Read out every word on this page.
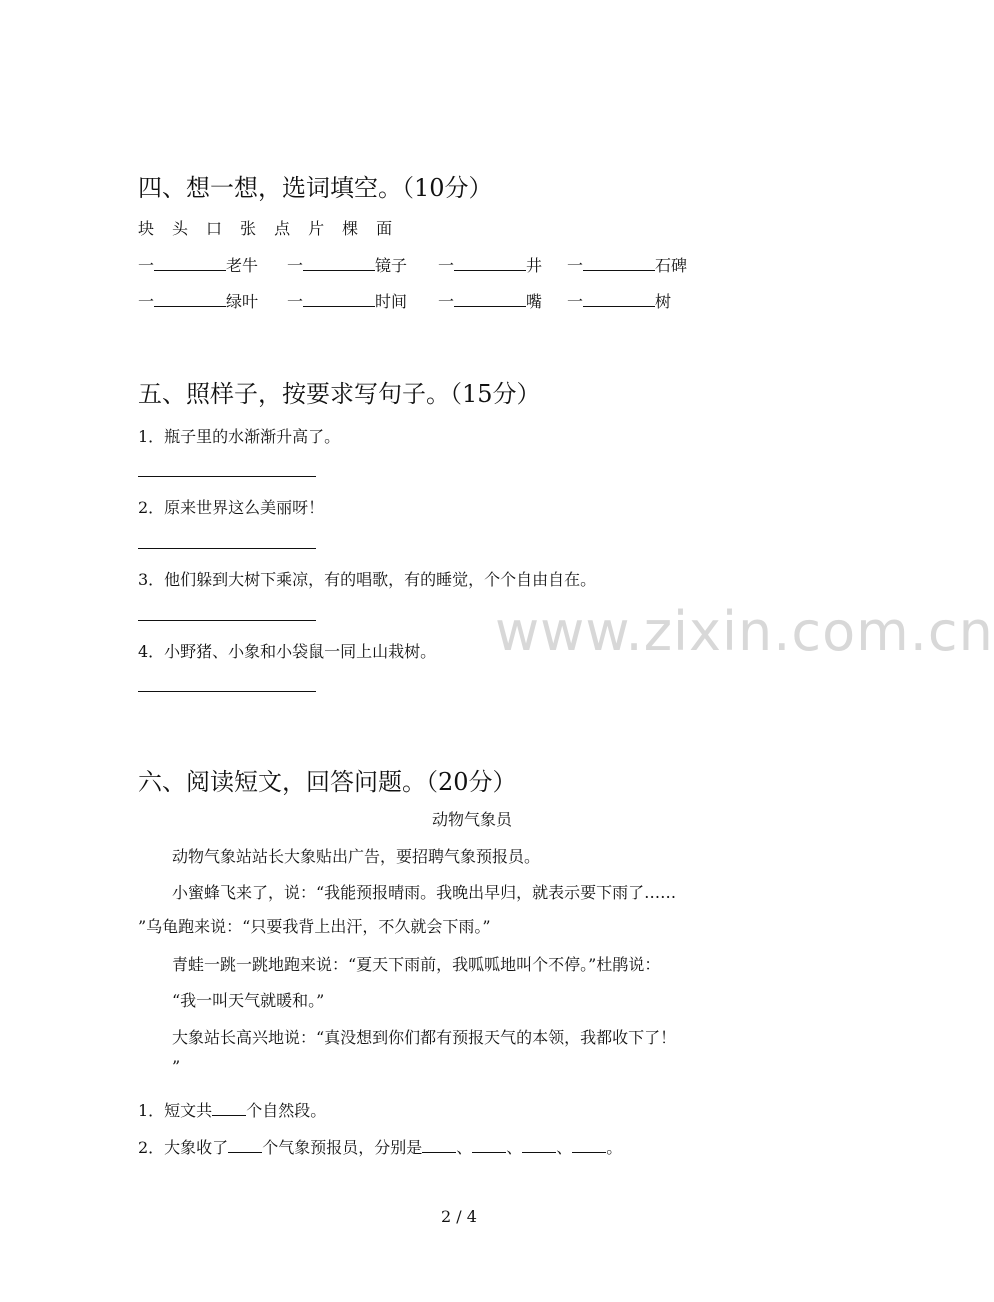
四、想一想，选词填空。（10分）
块 头 口 张 点 片 棵 面
一	老牛 一	镜子 一	井 一	石碑
一	绿叶 一	时间 一	嘴 一	树
五、照样子，按要求写句子。（15分）
1．瓶子里的水渐渐升高了。
2．原来世界这么美丽呀！
3．他们躲到大树下乘凉，有的唱歌，有的睡觉，个个自由自在。
4．小野猪、小象和小袋鼠一同上山栽树。 www.zixin.com.cn
六、阅读短文，回答问题。（20分）
动物气象员
动物气象站站长大象贴出广告，要招聘气象预报员。
小蜜蜂飞来了，说：“我能预报晴雨。我晚出早归，就表示要下雨了……
”乌龟跑来说：“只要我背上出汗，不久就会下雨。”
青蛙一跳一跳地跑来说：“夏天下雨前，我呱呱地叫个不停。”杜鹃说：
“我一叫天气就暖和。”
大象站长高兴地说：“真没想到你们都有预报天气的本领，我都收下了！
”
1．短文共 个自然段。
2．大象收了 个气象预报员，分别是 、 、 、 。
2 / 4
